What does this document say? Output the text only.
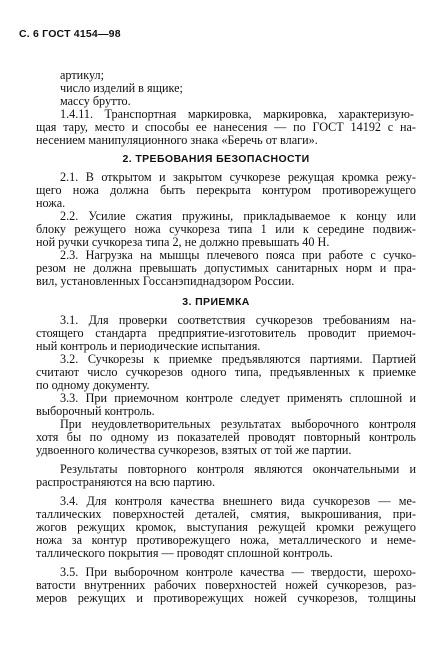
С. 6 ГОСТ 4154—98
артикул;
число изделий в ящике;
массу брутто.
1.4.11. Транспортная маркировка, маркировка, характеризую-
щая тару, место и способы ее нанесения — по ГОСТ 14192 с на-
несением манипуляционного знака «Беречь от влаги».
2. ТРЕБОВАНИЯ БЕЗОПАСНОСТИ
2.1. В открытом и закрытом сучкорезе режущая кромка режу-
щего ножа должна быть перекрыта контуром противорежущего
ножа.
2.2. Усилие сжатия пружины, прикладываемое к концу или
блоку режущего ножа сучкореза типа 1 или к середине подвиж-
ной ручки сучкореза типа 2, не должно превышать 40 Н.
2.3. Нагрузка на мышцы плечевого пояса при работе с сучко-
резом не должна превышать допустимых санитарных норм и пра-
вил, установленных Госсанэпиднадзором России.
3. ПРИЕМКА
3.1. Для проверки соответствия сучкорезов требованиям на-
стоящего стандарта предприятие-изготовитель проводит приемоч-
ный контроль и периодические испытания.
3.2. Сучкорезы к приемке предъявляются партиями. Партией
считают число сучкорезов одного типа, предъявленных к приемке
по одному документу.
3.3. При приемочном контроле следует применять сплошной и
выборочный контроль.
При неудовлетворительных результатах выборочного контроля
хотя бы по одному из показателей проводят повторный контроль
удвоенного количества сучкорезов, взятых от той же партии.
Результаты повторного контроля являются окончательными и
распространяются на всю партию.
3.4. Для контроля качества внешнего вида сучкорезов — ме-
таллических поверхностей деталей, смятия, выкрошивания, при-
жогов режущих кромок, выступания режущей кромки режущего
ножа за контур противорежущего ножа, металлического и немe-
таллического покрытия — проводят сплошной контроль.
3.5. При выборочном контроле качества — твердости, шерохо-
ватости внутренних рабочих поверхностей ножей сучкорезов, раз-
меров режущих и противорежущих ножей сучкорезов, толщины
